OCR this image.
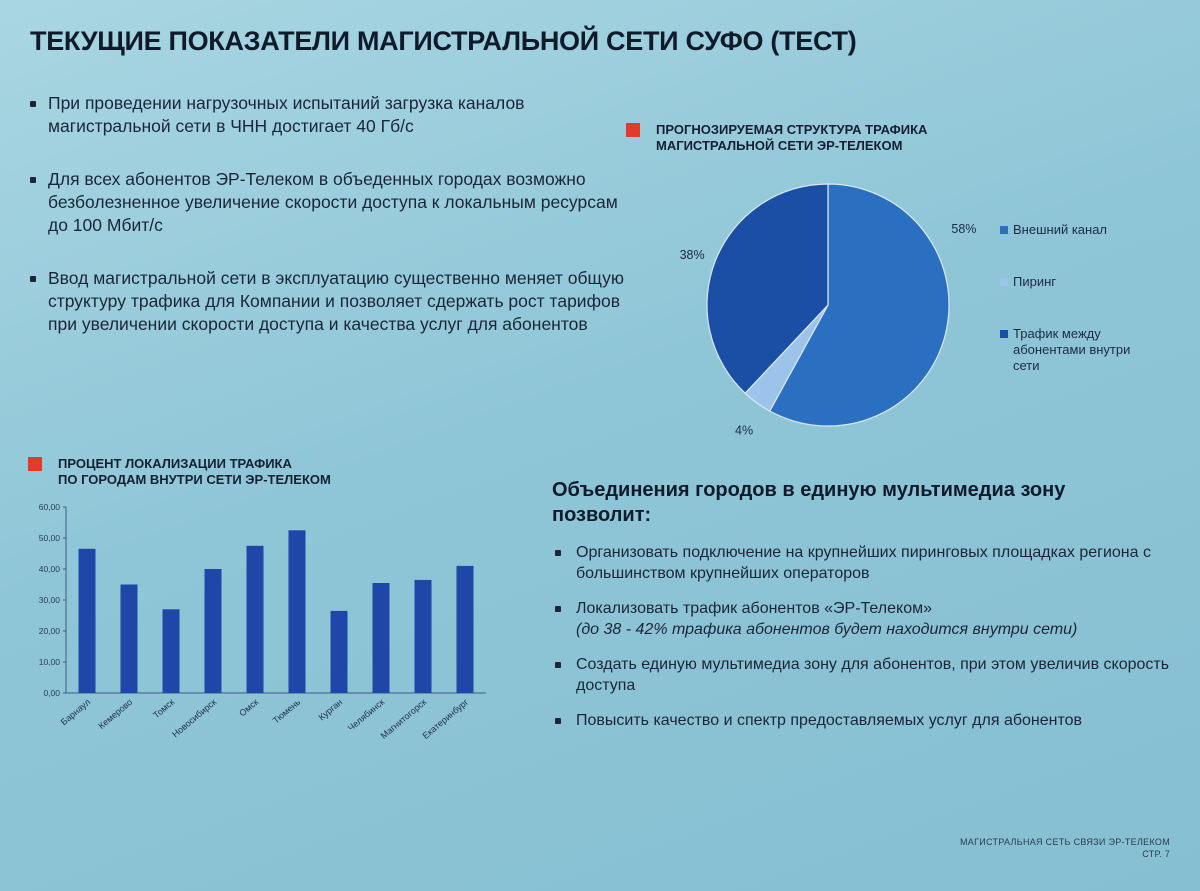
ТЕКУЩИЕ ПОКАЗАТЕЛИ МАГИСТРАЛЬНОЙ СЕТИ СУФО (ТЕСТ)
При проведении нагрузочных испытаний загрузка каналов магистральной сети в ЧНН достигает 40 Гб/с
Для всех абонентов ЭР-Телеком в объеденных городах возможно безболезненное увеличение скорости доступа к локальным ресурсам до 100 Мбит/с
Ввод магистральной сети в эксплуатацию существенно меняет общую структуру трафика для Компании и позволяет сдержать рост тарифов при увеличении скорости доступа и качества услуг для абонентов
ПРОГНОЗИРУЕМАЯ СТРУКТУРА ТРАФИКА
МАГИСТРАЛЬНОЙ СЕТИ ЭР-ТЕЛЕКОМ
58%
4%
38%
Внешний канал
Пиринг
Трафик между абонентами внутри сети
ПРОЦЕНТ ЛОКАЛИЗАЦИИ ТРАФИКА
ПО ГОРОДАМ ВНУТРИ СЕТИ ЭР-ТЕЛЕКОМ
0,00
10,00
20,00
30,00
40,00
50,00
60,00
Барнаул Кемерово Томск
Новосибирск Омск Тюмень Курган Челябинск
Магнитогорск
Екатеринбург
Объединения городов в единую мультимедиа зону позволит:
Организовать подключение на крупнейших пиринговых площадках региона с большинством крупнейших операторов
Локализовать трафик абонентов «ЭР-Телеком»
(до 38 - 42% трафика абонентов будет находится внутри сети)
Создать единую мультимедиа зону для абонентов, при этом увеличив скорость доступа
Повысить качество и спектр предоставляемых услуг для абонентов
МАГИСТРАЛЬНАЯ СЕТЬ СВЯЗИ ЭР-ТЕЛЕКОМ
СТР. 7
